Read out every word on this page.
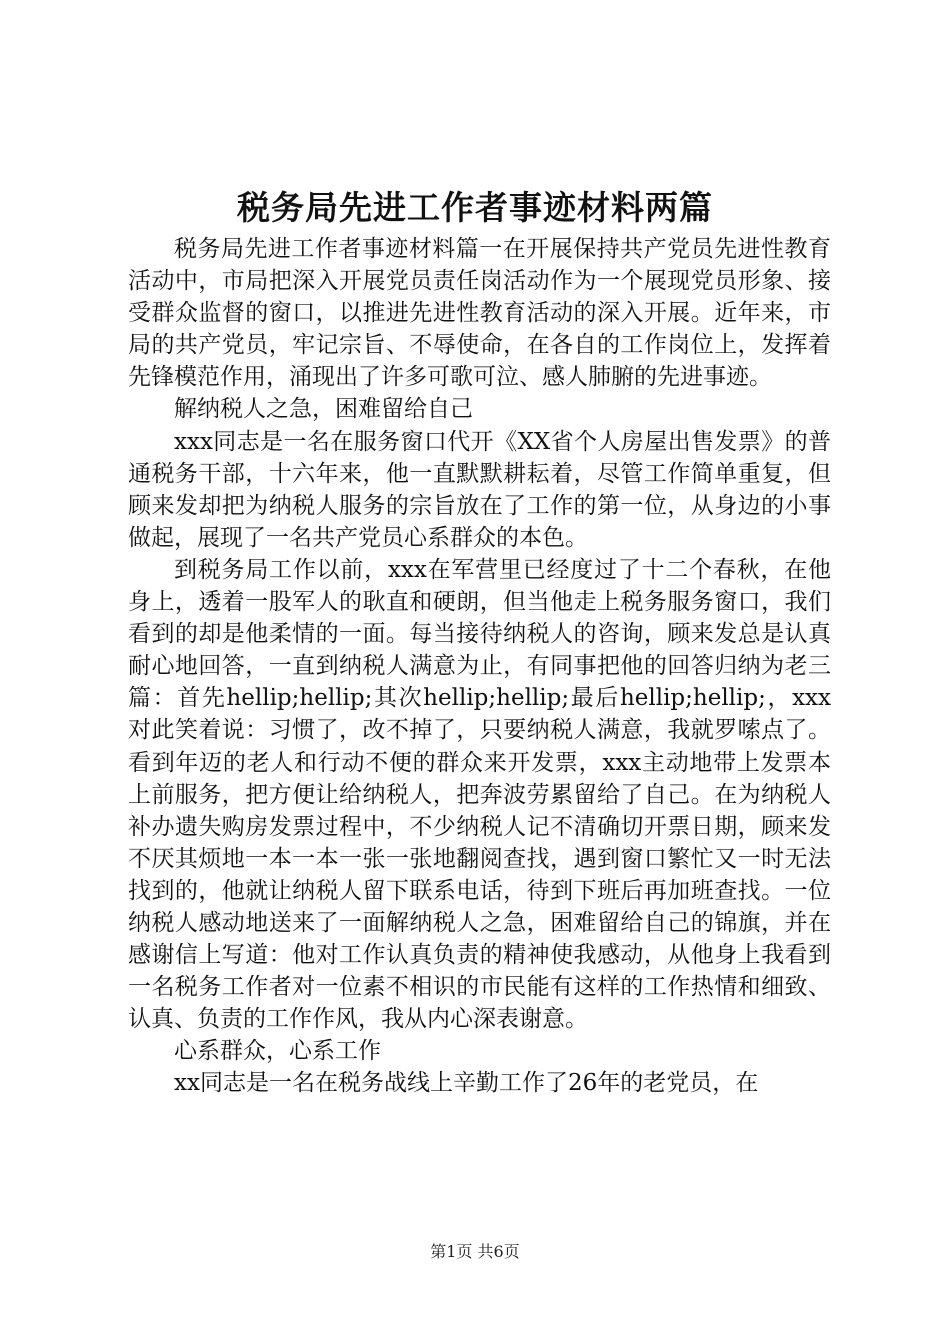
税务局先进工作者事迹材料两篇

税务局先进工作者事迹材料篇一在开展保持共产党员先进性教育活动中，市局把深入开展党员责任岗活动作为一个展现党员形象、接受群众监督的窗口，以推进先进性教育活动的深入开展。近年来，市局的共产党员，牢记宗旨、不辱使命，在各自的工作岗位上，发挥着先锋模范作用，涌现出了许多可歌可泣、感人肺腑的先进事迹。

解纳税人之急，困难留给自己

xxx同志是一名在服务窗口代开《XX省个人房屋出售发票》的普通税务干部，十六年来，他一直默默耕耘着，尽管工作简单重复，但顾来发却把为纳税人服务的宗旨放在了工作的第一位，从身边的小事做起，展现了一名共产党员心系群众的本色。

到税务局工作以前，xxx在军营里已经度过了十二个春秋，在他身上，透着一股军人的耿直和硬朗，但当他走上税务服务窗口，我们看到的却是他柔情的一面。每当接待纳税人的咨询，顾来发总是认真耐心地回答，一直到纳税人满意为止，有同事把他的回答归纳为老三篇：首先hellip;hellip;其次hellip;hellip;最后hellip;hellip;，xxx对此笑着说：习惯了，改不掉了，只要纳税人满意，我就罗嗦点了。看到年迈的老人和行动不便的群众来开发票，xxx主动地带上发票本上前服务，把方便让给纳税人，把奔波劳累留给了自己。在为纳税人补办遗失购房发票过程中，不少纳税人记不清确切开票日期，顾来发不厌其烦地一本一本一张一张地翻阅查找，遇到窗口繁忙又一时无法找到的，他就让纳税人留下联系电话，待到下班后再加班查找。一位纳税人感动地送来了一面解纳税人之急，困难留给自己的锦旗，并在感谢信上写道：他对工作认真负责的精神使我感动，从他身上我看到一名税务工作者对一位素不相识的市民能有这样的工作热情和细致、认真、负责的工作作风，我从内心深表谢意。

心系群众，心系工作

xx同志是一名在税务战线上辛勤工作了26年的老党员，在

第1页 共6页
